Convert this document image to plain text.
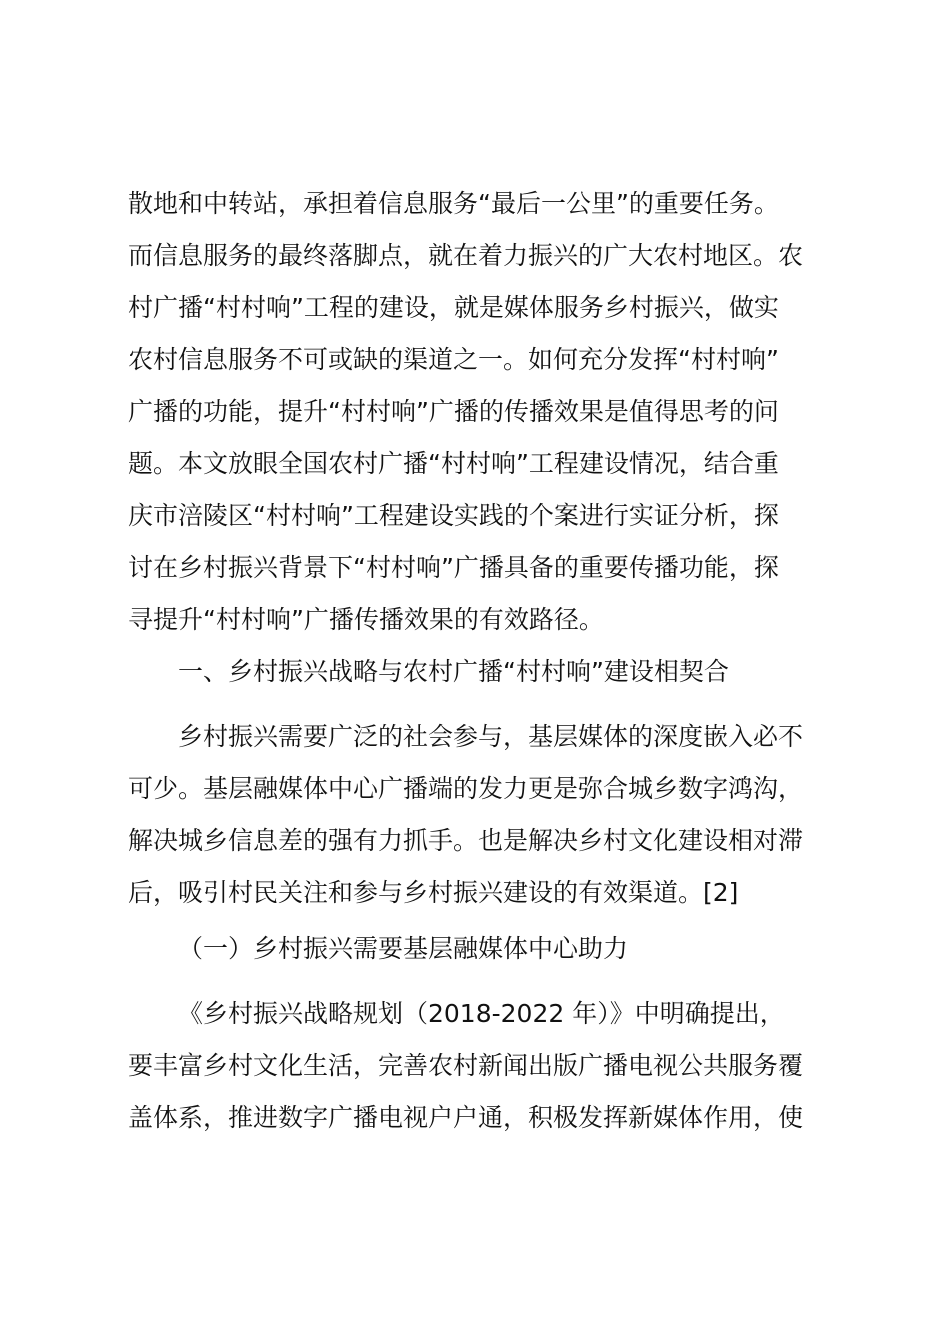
散地和中转站，承担着信息服务“最后一公里”的重要任务。
而信息服务的最终落脚点，就在着力振兴的广大农村地区。农
村广播“村村响”工程的建设，就是媒体服务乡村振兴，做实
农村信息服务不可或缺的渠道之一。如何充分发挥“村村响”
广播的功能，提升“村村响”广播的传播效果是值得思考的问
题。本文放眼全国农村广播“村村响”工程建设情况，结合重
庆市涪陵区“村村响”工程建设实践的个案进行实证分析，探
讨在乡村振兴背景下“村村响”广播具备的重要传播功能，探
寻提升“村村响”广播传播效果的有效路径。
一、乡村振兴战略与农村广播“村村响”建设相契合
乡村振兴需要广泛的社会参与，基层媒体的深度嵌入必不
可少。基层融媒体中心广播端的发力更是弥合城乡数字鸿沟，
解决城乡信息差的强有力抓手。也是解决乡村文化建设相对滞
后，吸引村民关注和参与乡村振兴建设的有效渠道。[2]
（一）乡村振兴需要基层融媒体中心助力
《乡村振兴战略规划（2018-2022 年）》中明确提出，
要丰富乡村文化生活，完善农村新闻出版广播电视公共服务覆
盖体系，推进数字广播电视户户通，积极发挥新媒体作用，使
